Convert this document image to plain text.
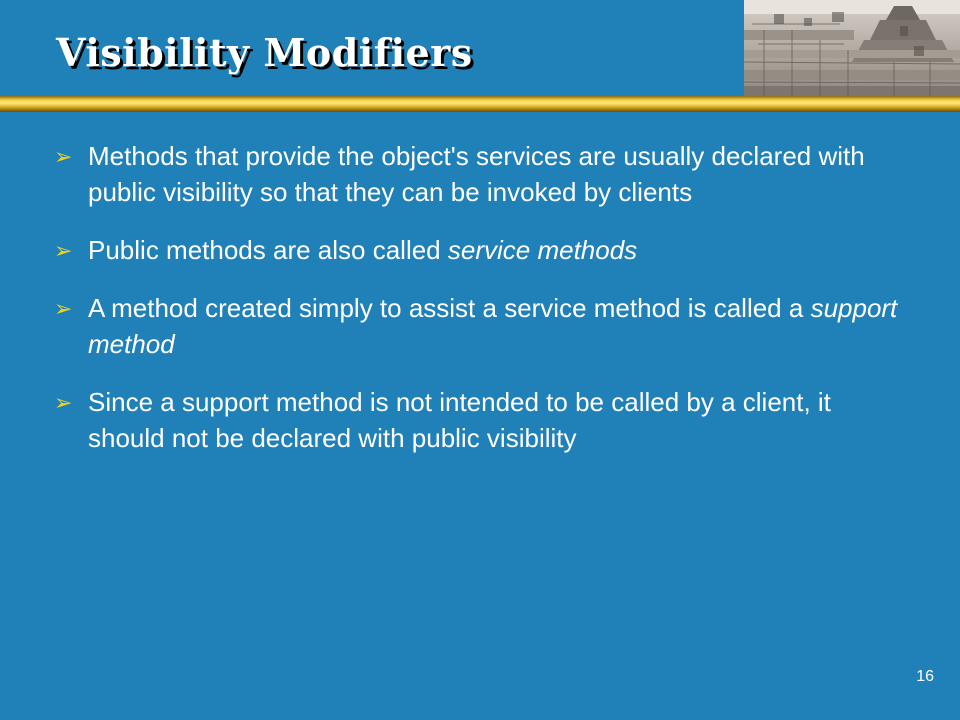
Visibility Modifiers
➢ Methods that provide the object's services are usually declared with public visibility so that they can be invoked by clients
➢ Public methods are also called service methods
➢ A method created simply to assist a service method is called a support method
➢ Since a support method is not intended to be called by a client, it should not be declared with public visibility
16
